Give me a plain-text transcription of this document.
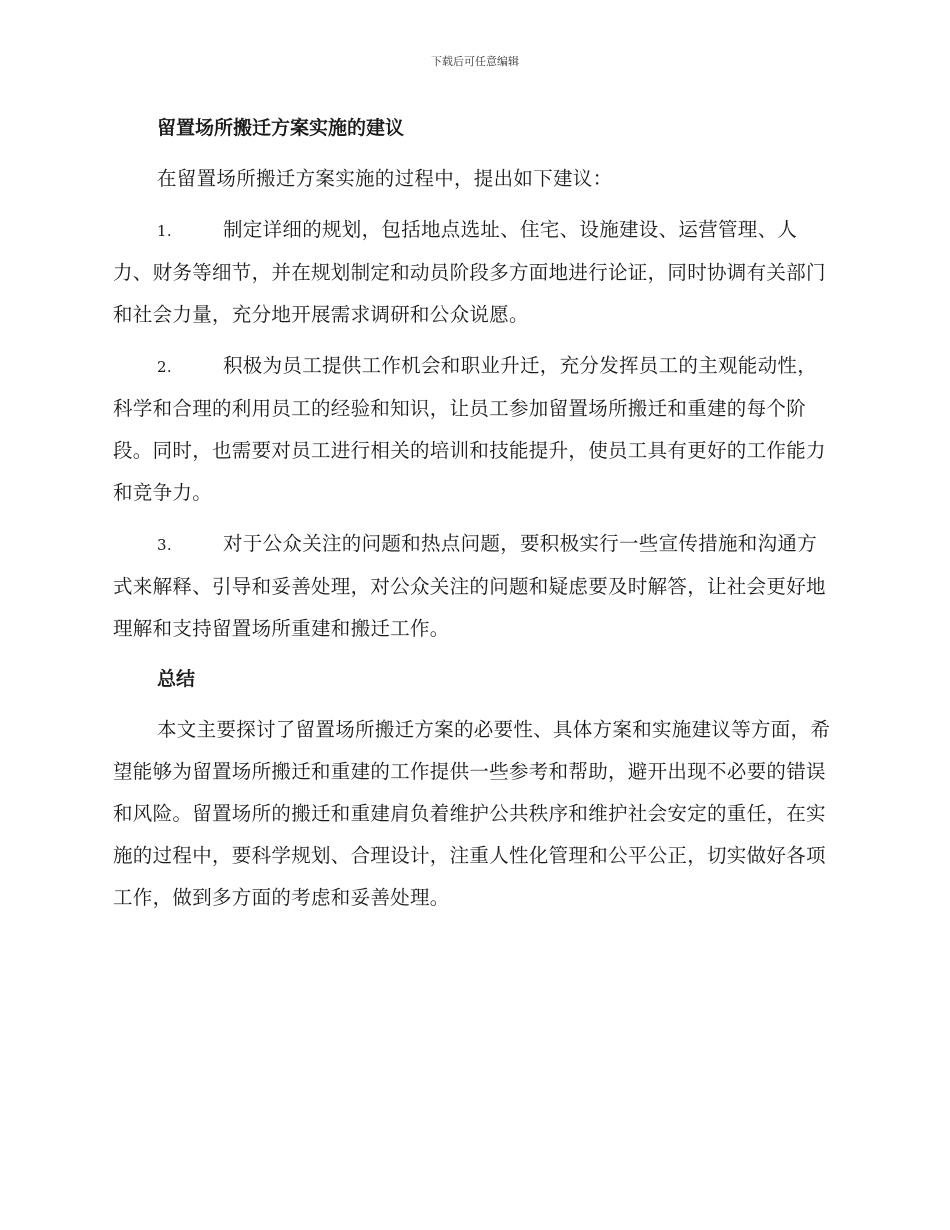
下载后可任意编辑
留置场所搬迁方案实施的建议

在留置场所搬迁方案实施的过程中，提出如下建议：

1.	制定详细的规划，包括地点选址、住宅、设施建设、运营管理、人力、财务等细节，并在规划制定和动员阶段多方面地进行论证，同时协调有关部门和社会力量，充分地开展需求调研和公众说愿。

2.	积极为员工提供工作机会和职业升迁，充分发挥员工的主观能动性，科学和合理的利用员工的经验和知识，让员工参加留置场所搬迁和重建的每个阶段。同时，也需要对员工进行相关的培训和技能提升，使员工具有更好的工作能力和竞争力。

3.	对于公众关注的问题和热点问题，要积极实行一些宣传措施和沟通方式来解释、引导和妥善处理，对公众关注的问题和疑虑要及时解答，让社会更好地理解和支持留置场所重建和搬迁工作。

总结

本文主要探讨了留置场所搬迁方案的必要性、具体方案和实施建议等方面，希望能够为留置场所搬迁和重建的工作提供一些参考和帮助，避开出现不必要的错误和风险。留置场所的搬迁和重建肩负着维护公共秩序和维护社会安定的重任，在实施的过程中，要科学规划、合理设计，注重人性化管理和公平公正，切实做好各项工作，做到多方面的考虑和妥善处理。
